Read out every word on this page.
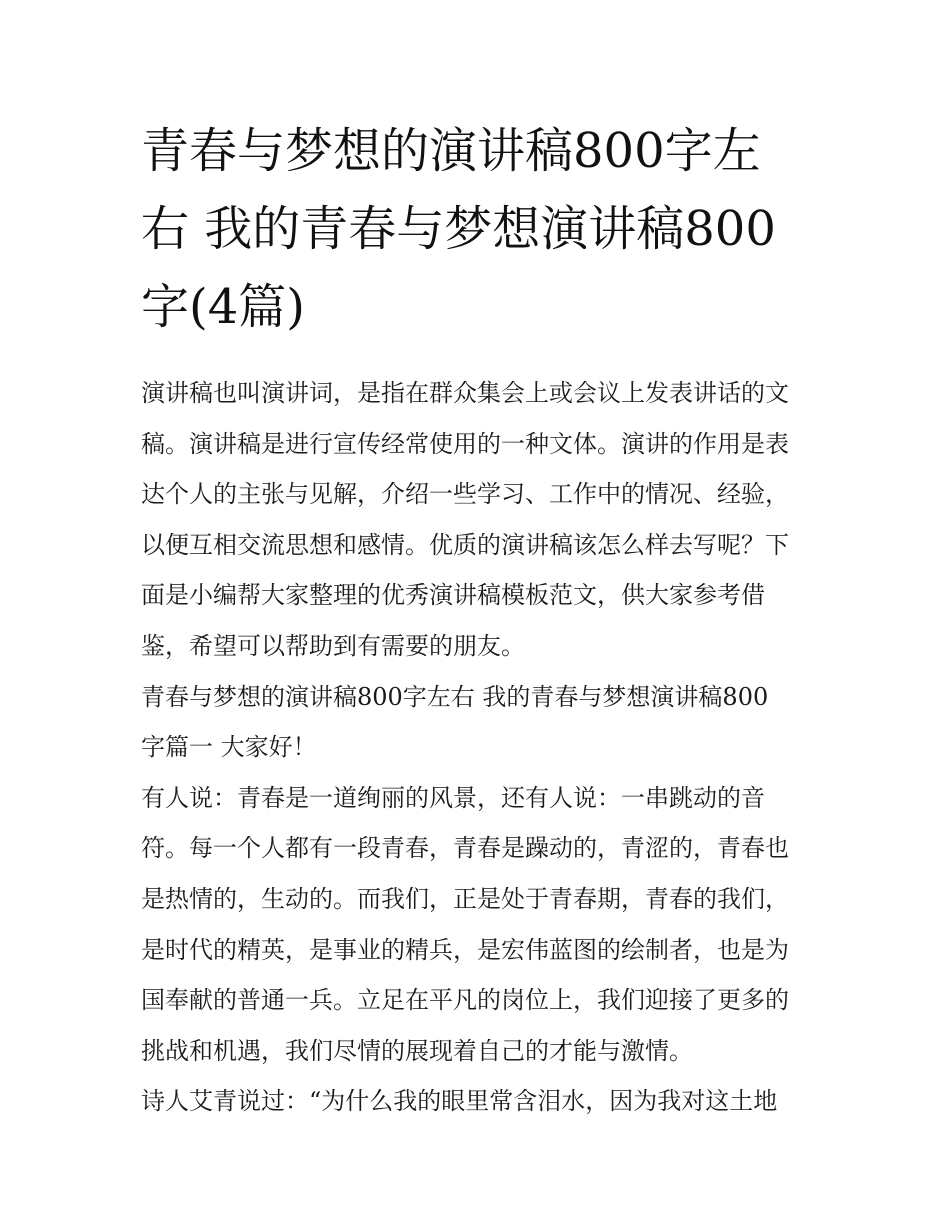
青春与梦想的演讲稿800字左
右 我的青春与梦想演讲稿800
字(4篇)

演讲稿也叫演讲词，是指在群众集会上或会议上发表讲话的文
稿。演讲稿是进行宣传经常使用的一种文体。演讲的作用是表
达个人的主张与见解，介绍一些学习、工作中的情况、经验，
以便互相交流思想和感情。优质的演讲稿该怎么样去写呢？下
面是小编帮大家整理的优秀演讲稿模板范文，供大家参考借
鉴，希望可以帮助到有需要的朋友。

青春与梦想的演讲稿800字左右 我的青春与梦想演讲稿800
字篇一 大家好！

有人说：青春是一道绚丽的风景，还有人说：一串跳动的音
符。每一个人都有一段青春，青春是躁动的，青涩的，青春也
是热情的，生动的。而我们，正是处于青春期，青春的我们，
是时代的精英，是事业的精兵，是宏伟蓝图的绘制者，也是为
国奉献的普通一兵。立足在平凡的岗位上，我们迎接了更多的
挑战和机遇，我们尽情的展现着自己的才能与激情。

诗人艾青说过：“为什么我的眼里常含泪水，因为我对这土地
